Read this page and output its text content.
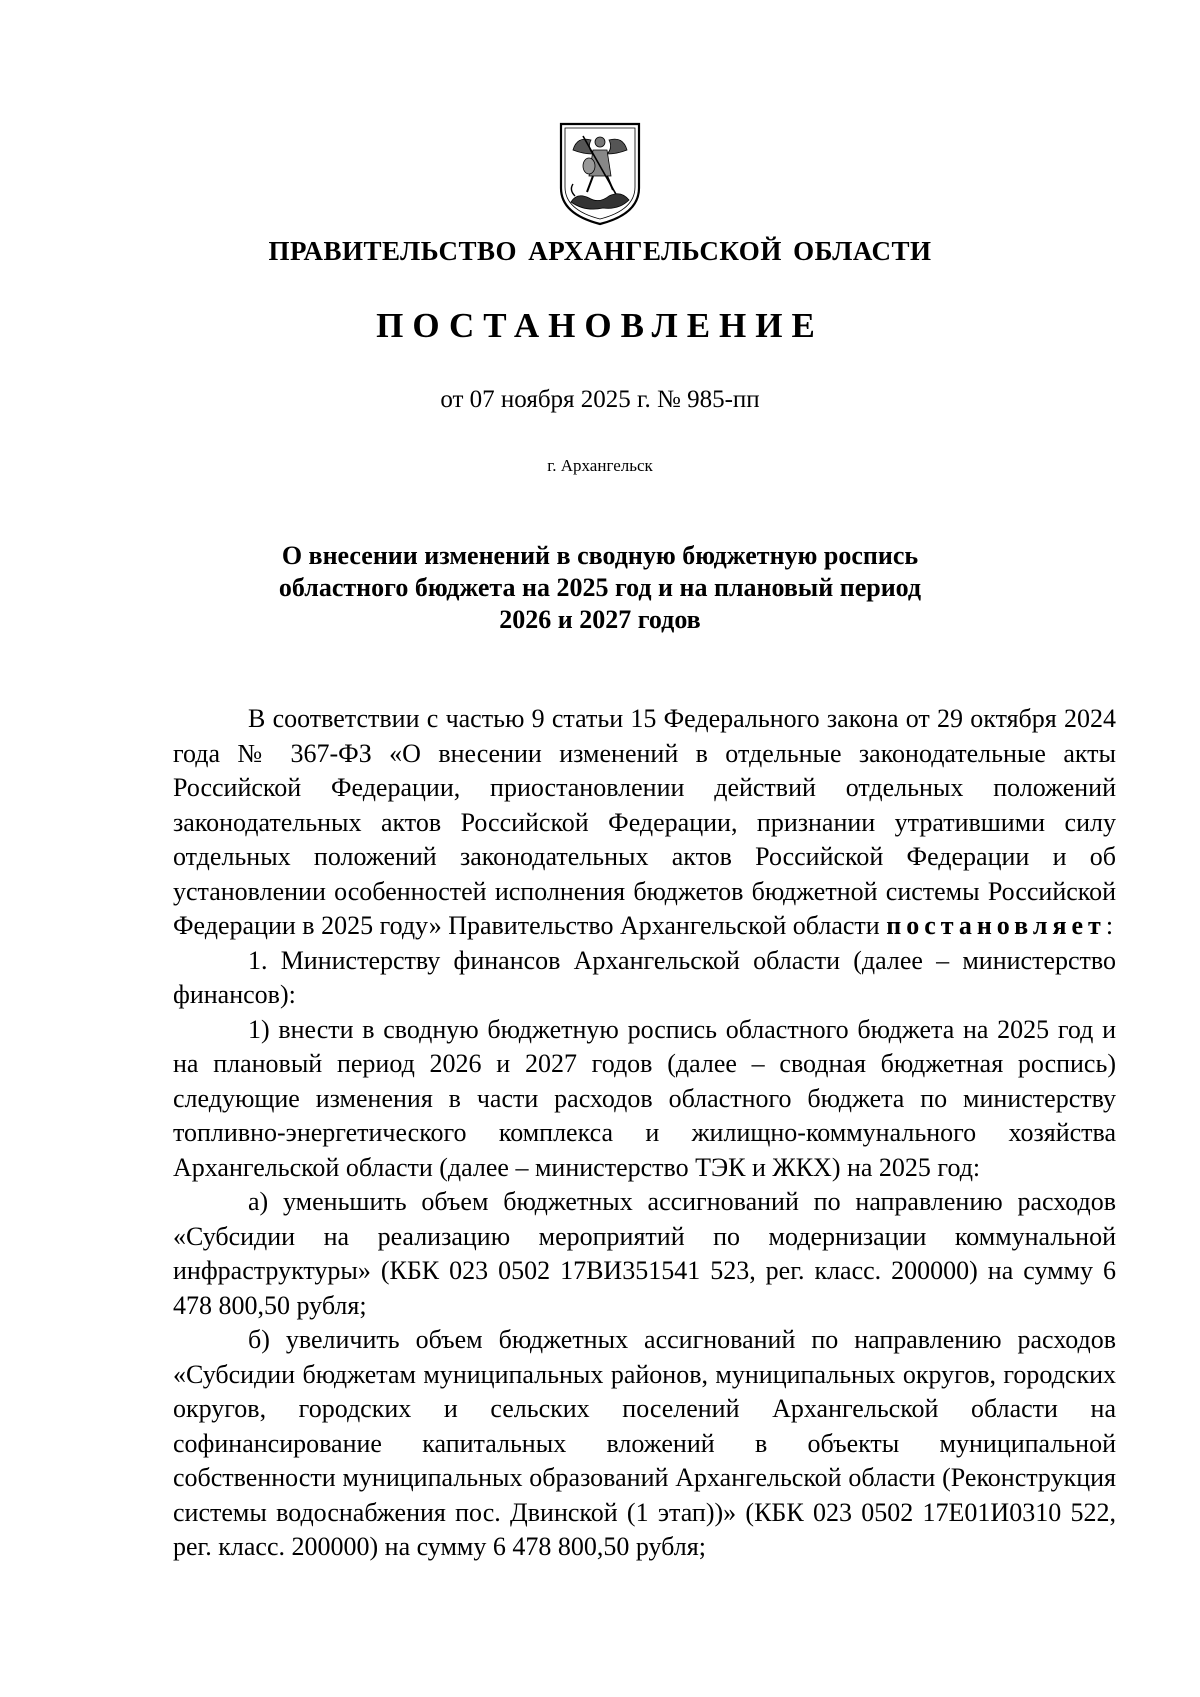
ПРАВИТЕЛЬСТВО АРХАНГЕЛЬСКОЙ ОБЛАСТИ
ПОСТАНОВЛЕНИЕ
от 07 ноября 2025 г. № 985-пп
г. Архангельск
О внесении изменений в сводную бюджетную роспись
областного бюджета на 2025 год и на плановый период
2026 и 2027 годов

В соответствии с частью 9 статьи 15 Федерального закона от 29 октября 2024 года № 367-ФЗ «О внесении изменений в отдельные законодательные акты Российской Федерации, приостановлении действий отдельных положений законодательных актов Российской Федерации, признании утратившими силу отдельных положений законодательных актов Российской Федерации и об установлении особенностей исполнения бюджетов бюджетной системы Российской Федерации в 2025 году» Правительство Архангельской области постановляет:

1. Министерству финансов Архангельской области (далее – министерство финансов):

1) внести в сводную бюджетную роспись областного бюджета на 2025 год и на плановый период 2026 и 2027 годов (далее – сводная бюджетная роспись) следующие изменения в части расходов областного бюджета по министерству топливно-энергетического комплекса и жилищно-коммунального хозяйства Архангельской области (далее – министерство ТЭК и ЖКХ) на 2025 год:

а) уменьшить объем бюджетных ассигнований по направлению расходов «Субсидии на реализацию мероприятий по модернизации коммунальной инфраструктуры» (КБК 023 0502 17ВИ351541 523, рег. класс. 200000) на сумму 6 478 800,50 рубля;

б) увеличить объем бюджетных ассигнований по направлению расходов «Субсидии бюджетам муниципальных районов, муниципальных округов, городских округов, городских и сельских поселений Архангельской области на софинансирование капитальных вложений в объекты муниципальной собственности муниципальных образований Архангельской области (Реконструкция системы водоснабжения пос. Двинской (1 этап))» (КБК 023 0502 17Е01И0310 522, рег. класс. 200000) на сумму 6 478 800,50 рубля;
